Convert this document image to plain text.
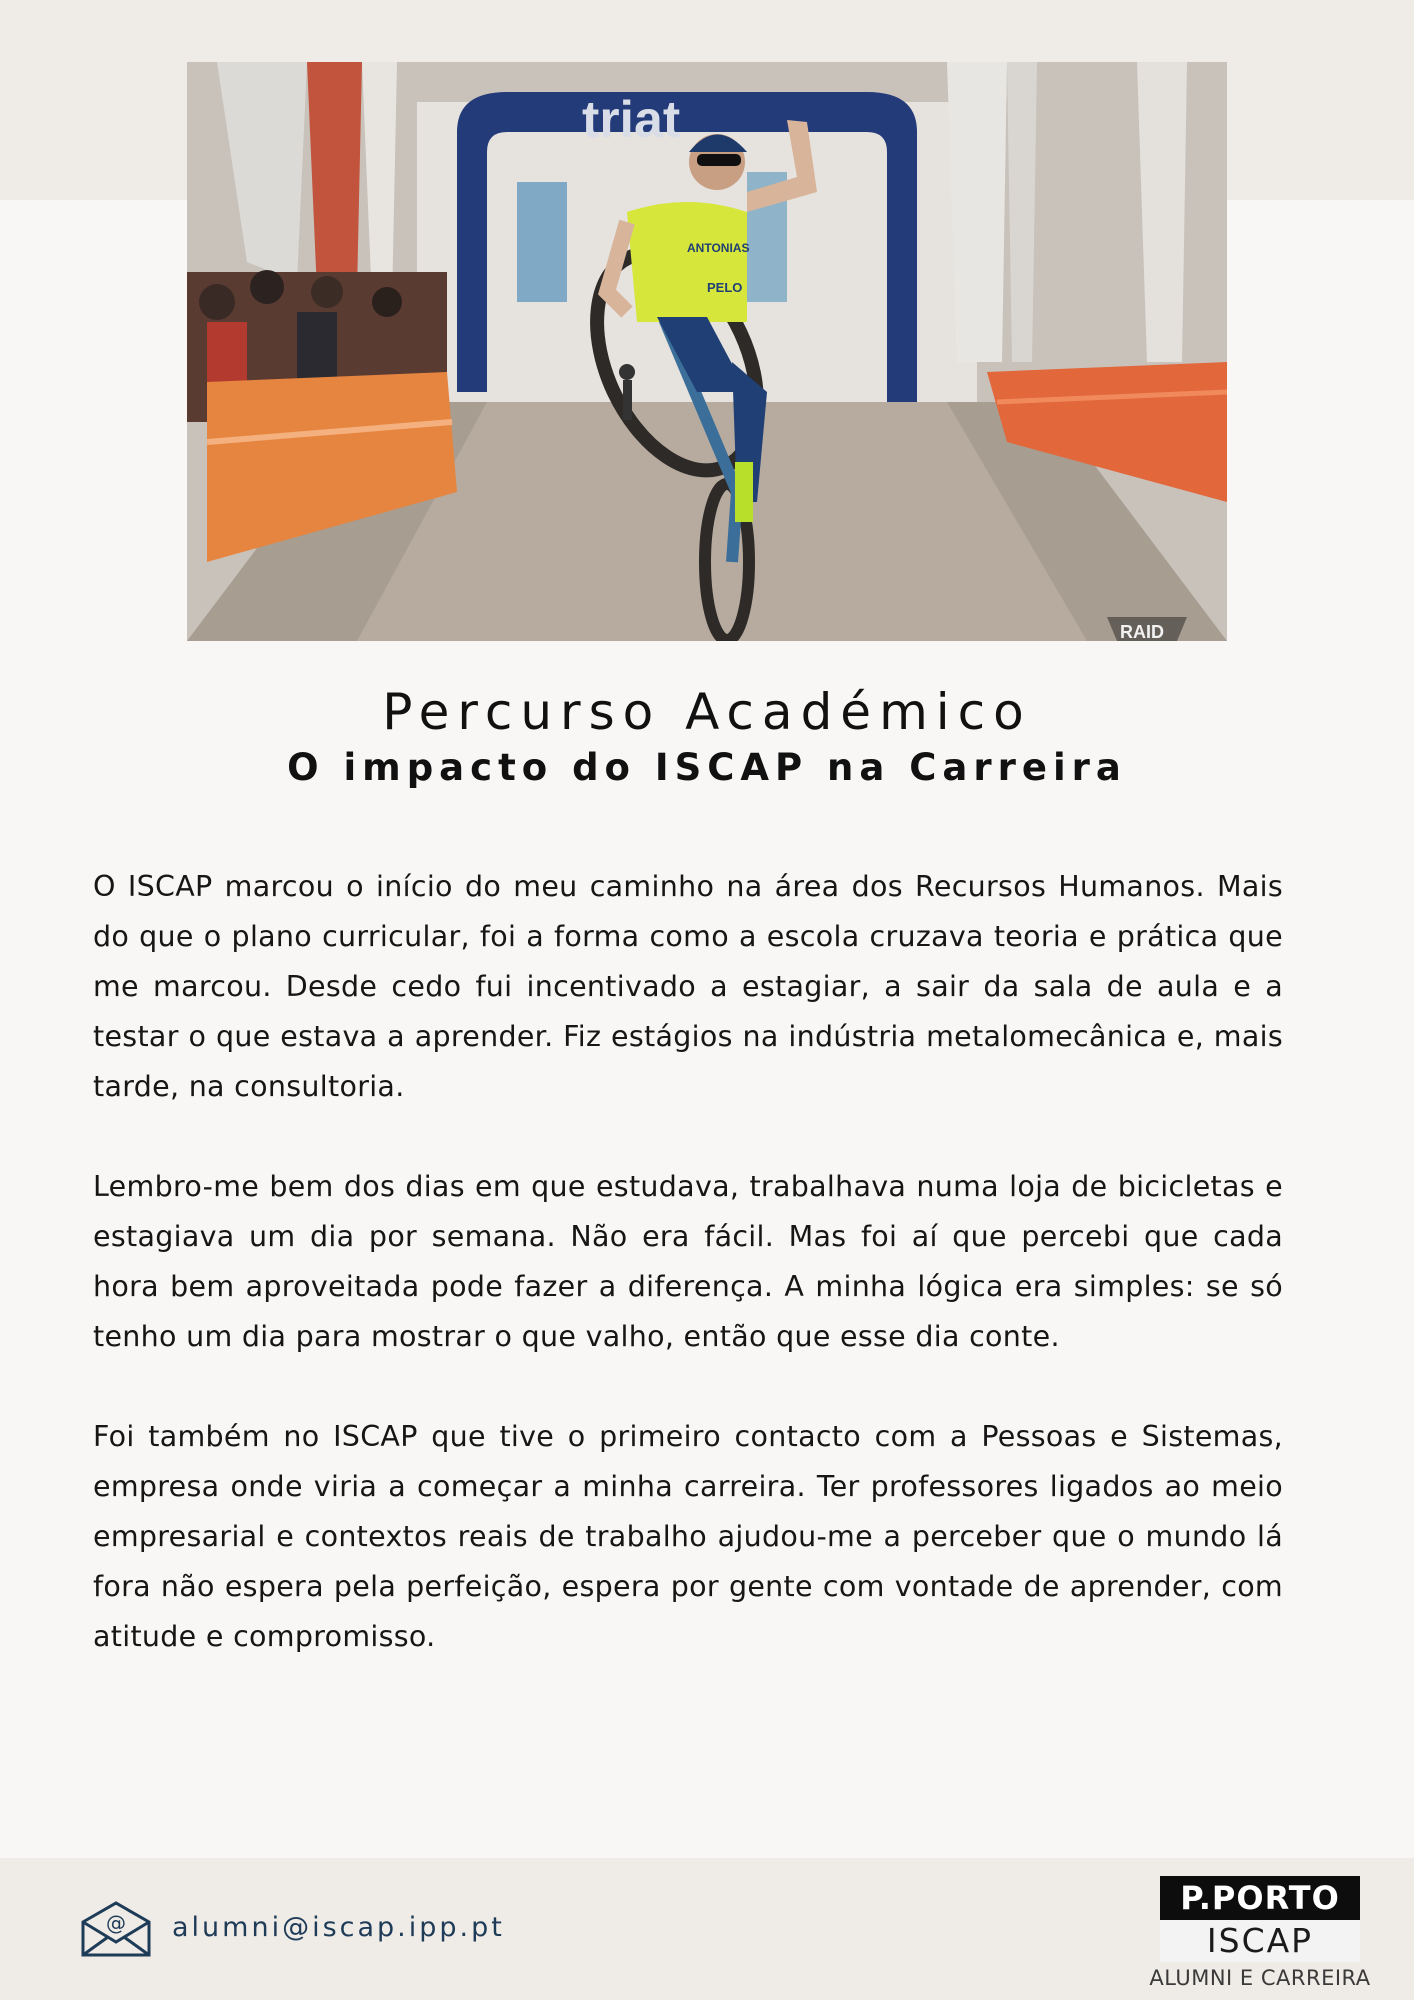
triat
ANTONIAS
PELO
RAID
Percurso Académico
O impacto do ISCAP na Carreira

O ISCAP marcou o início do meu caminho na área dos Recursos Humanos. Mais do que o plano curricular, foi a forma como a escola cruzava teoria e prática que me marcou. Desde cedo fui incentivado a estagiar, a sair da sala de aula e a testar o que estava a aprender. Fiz estágios na indústria metalomecânica e, mais tarde, na consultoria.

Lembro-me bem dos dias em que estudava, trabalhava numa loja de bicicletas e estagiava um dia por semana. Não era fácil. Mas foi aí que percebi que cada hora bem aproveitada pode fazer a diferença. A minha lógica era simples: se só tenho um dia para mostrar o que valho, então que esse dia conte.

Foi também no ISCAP que tive o primeiro contacto com a Pessoas e Sistemas, empresa onde viria a começar a minha carreira. Ter professores ligados ao meio empresarial e contextos reais de trabalho ajudou-me a perceber que o mundo lá fora não espera pela perfeição, espera por gente com vontade de aprender, com atitude e compromisso.

@ alumni@iscap.ipp.pt
P.PORTO
ISCAP
ALUMNI E CARREIRA
